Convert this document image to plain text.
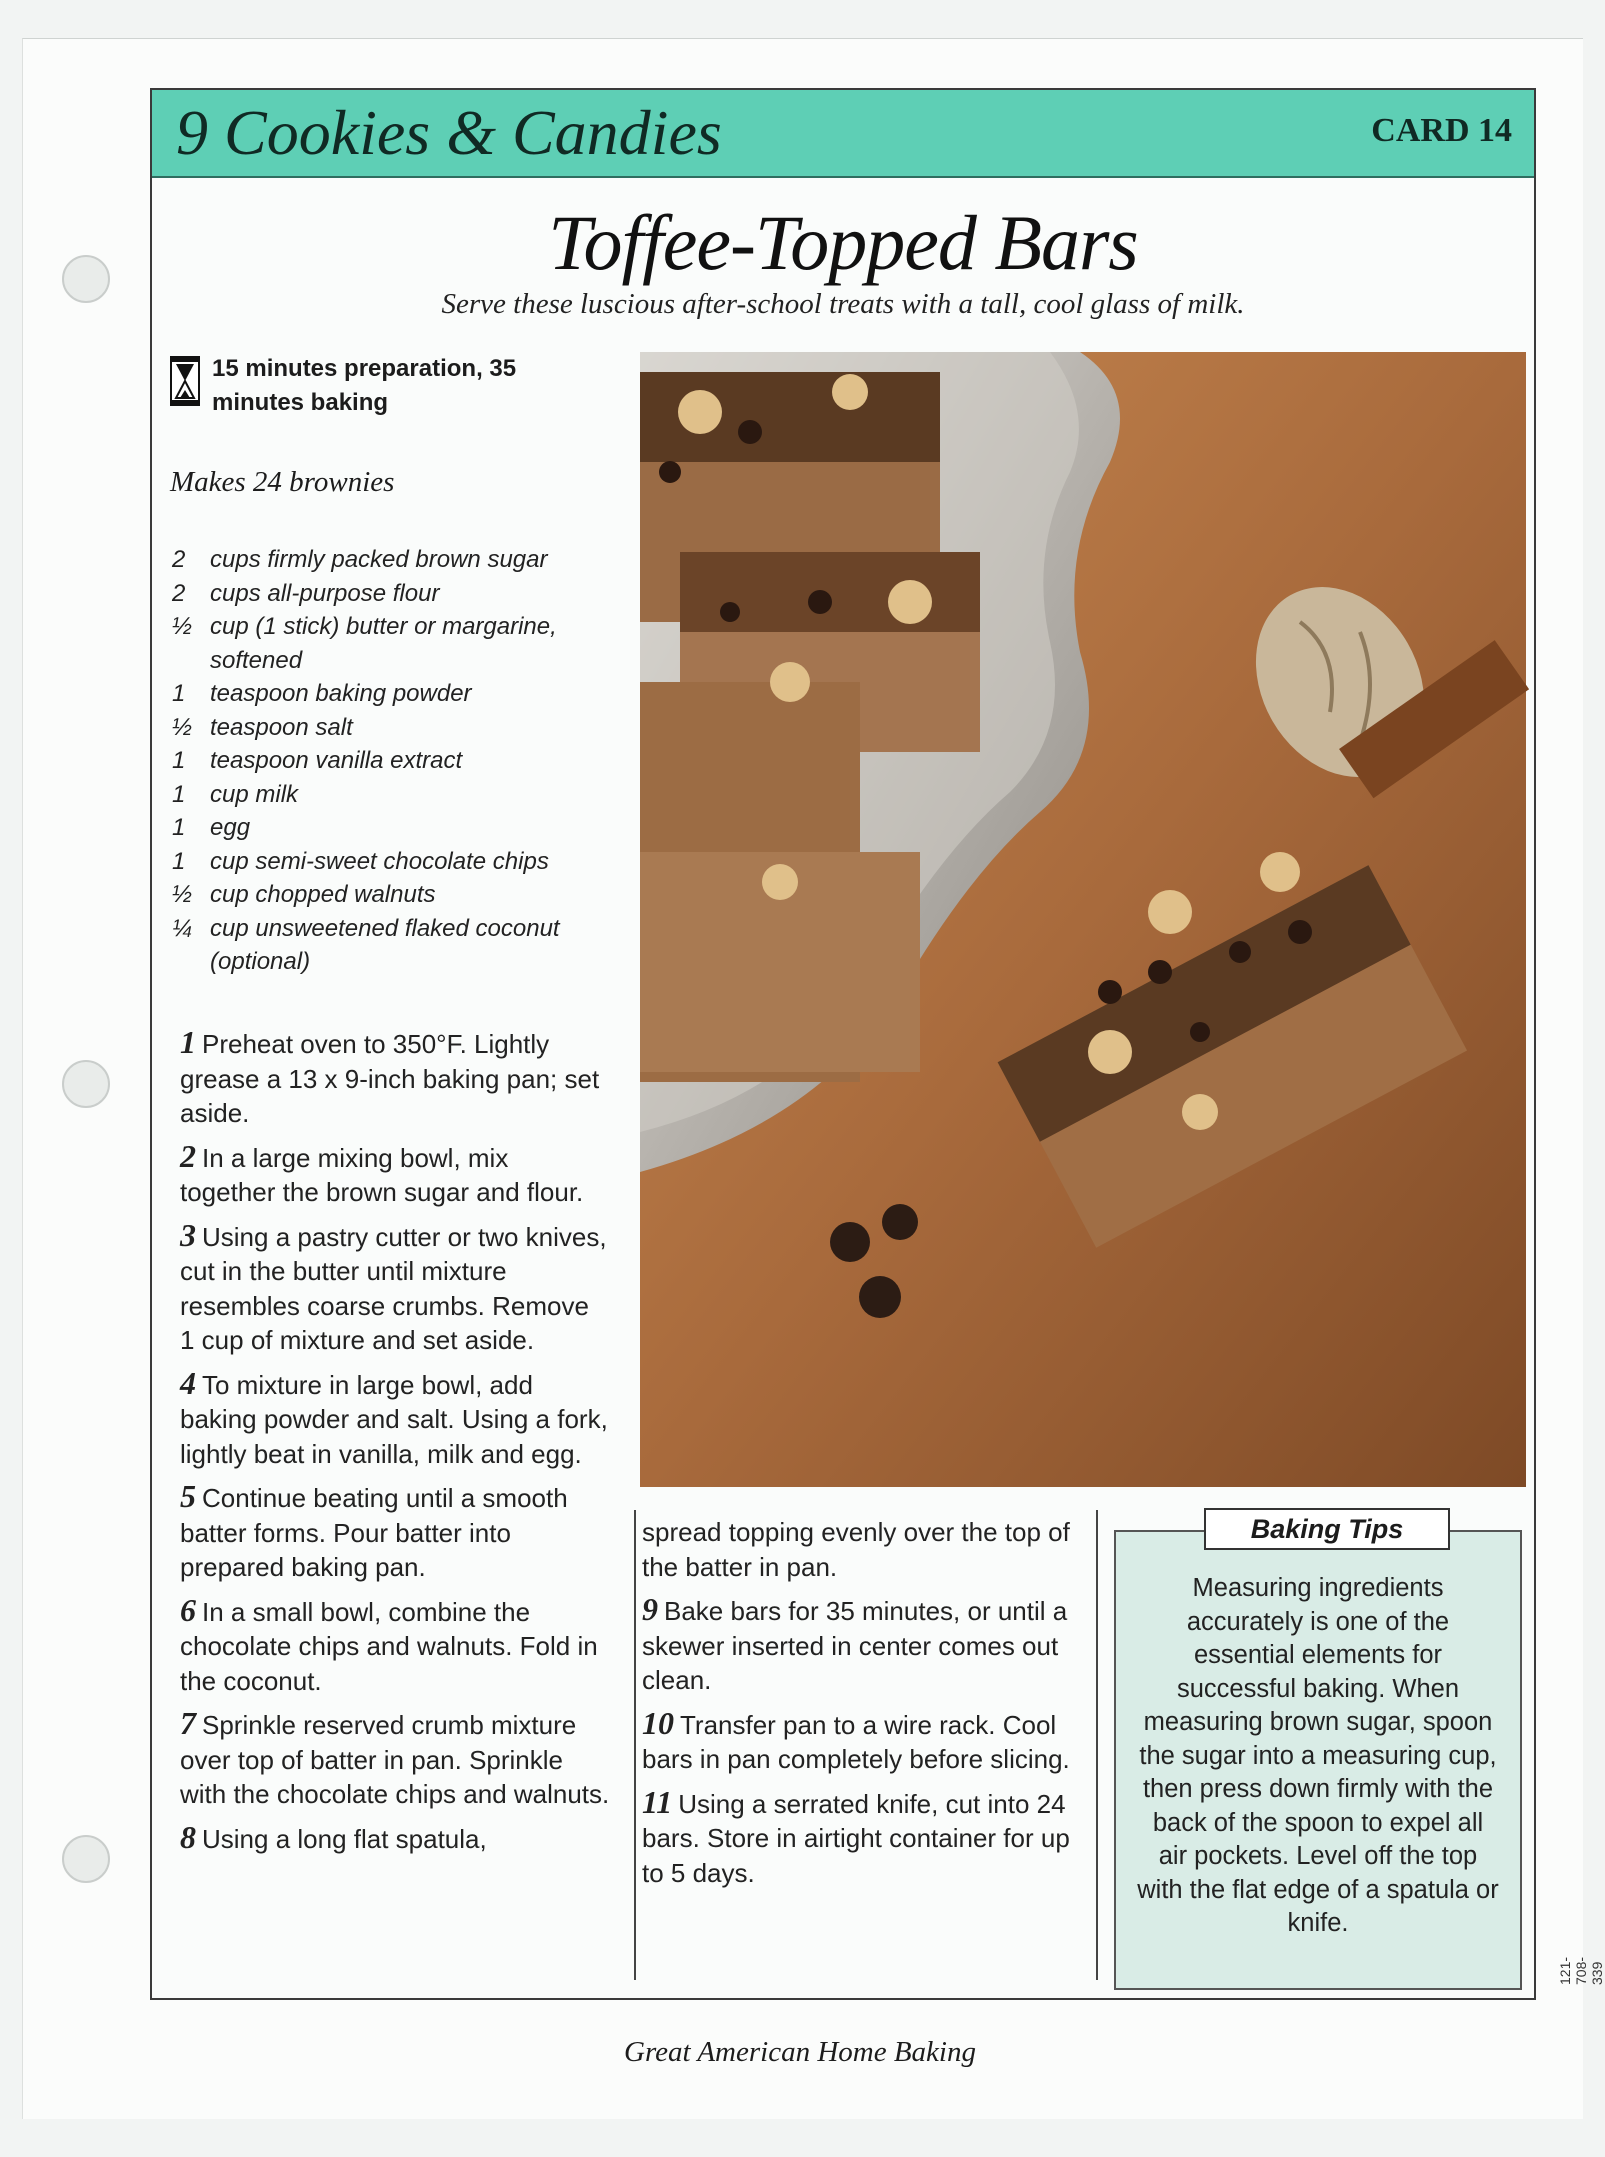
9 Cookies & Candies	CARD 14
Toffee-Topped Bars
Serve these luscious after-school treats with a tall, cool glass of milk.
15 minutes preparation, 35 minutes baking
Makes 24 brownies
2 cups firmly packed brown sugar
2 cups all-purpose flour
½ cup (1 stick) butter or margarine, softened
1 teaspoon baking powder
½ teaspoon salt
1 teaspoon vanilla extract
1 cup milk
1 egg
1 cup semi-sweet chocolate chips
½ cup chopped walnuts
¼ cup unsweetened flaked coconut (optional)
1 Preheat oven to 350°F. Lightly grease a 13 x 9-inch baking pan; set aside.
2 In a large mixing bowl, mix together the brown sugar and flour.
3 Using a pastry cutter or two knives, cut in the butter until mixture resembles coarse crumbs. Remove 1 cup of mixture and set aside.
4 To mixture in large bowl, add baking powder and salt. Using a fork, lightly beat in vanilla, milk and egg.
5 Continue beating until a smooth batter forms. Pour batter into prepared baking pan.
6 In a small bowl, combine the chocolate chips and walnuts. Fold in the coconut.
7 Sprinkle reserved crumb mixture over top of batter in pan. Sprinkle with the chocolate chips and walnuts.
8 Using a long flat spatula,
spread topping evenly over the top of the batter in pan.
9 Bake bars for 35 minutes, or until a skewer inserted in center comes out clean.
10 Transfer pan to a wire rack. Cool bars in pan completely before slicing.
11 Using a serrated knife, cut into 24 bars. Store in airtight container for up to 5 days.
Baking Tips
Measuring ingredients accurately is one of the essential elements for successful baking. When measuring brown sugar, spoon the sugar into a measuring cup, then press down firmly with the back of the spoon to expel all air pockets. Level off the top with the flat edge of a spatula or knife.
Great American Home Baking
121-708-339
